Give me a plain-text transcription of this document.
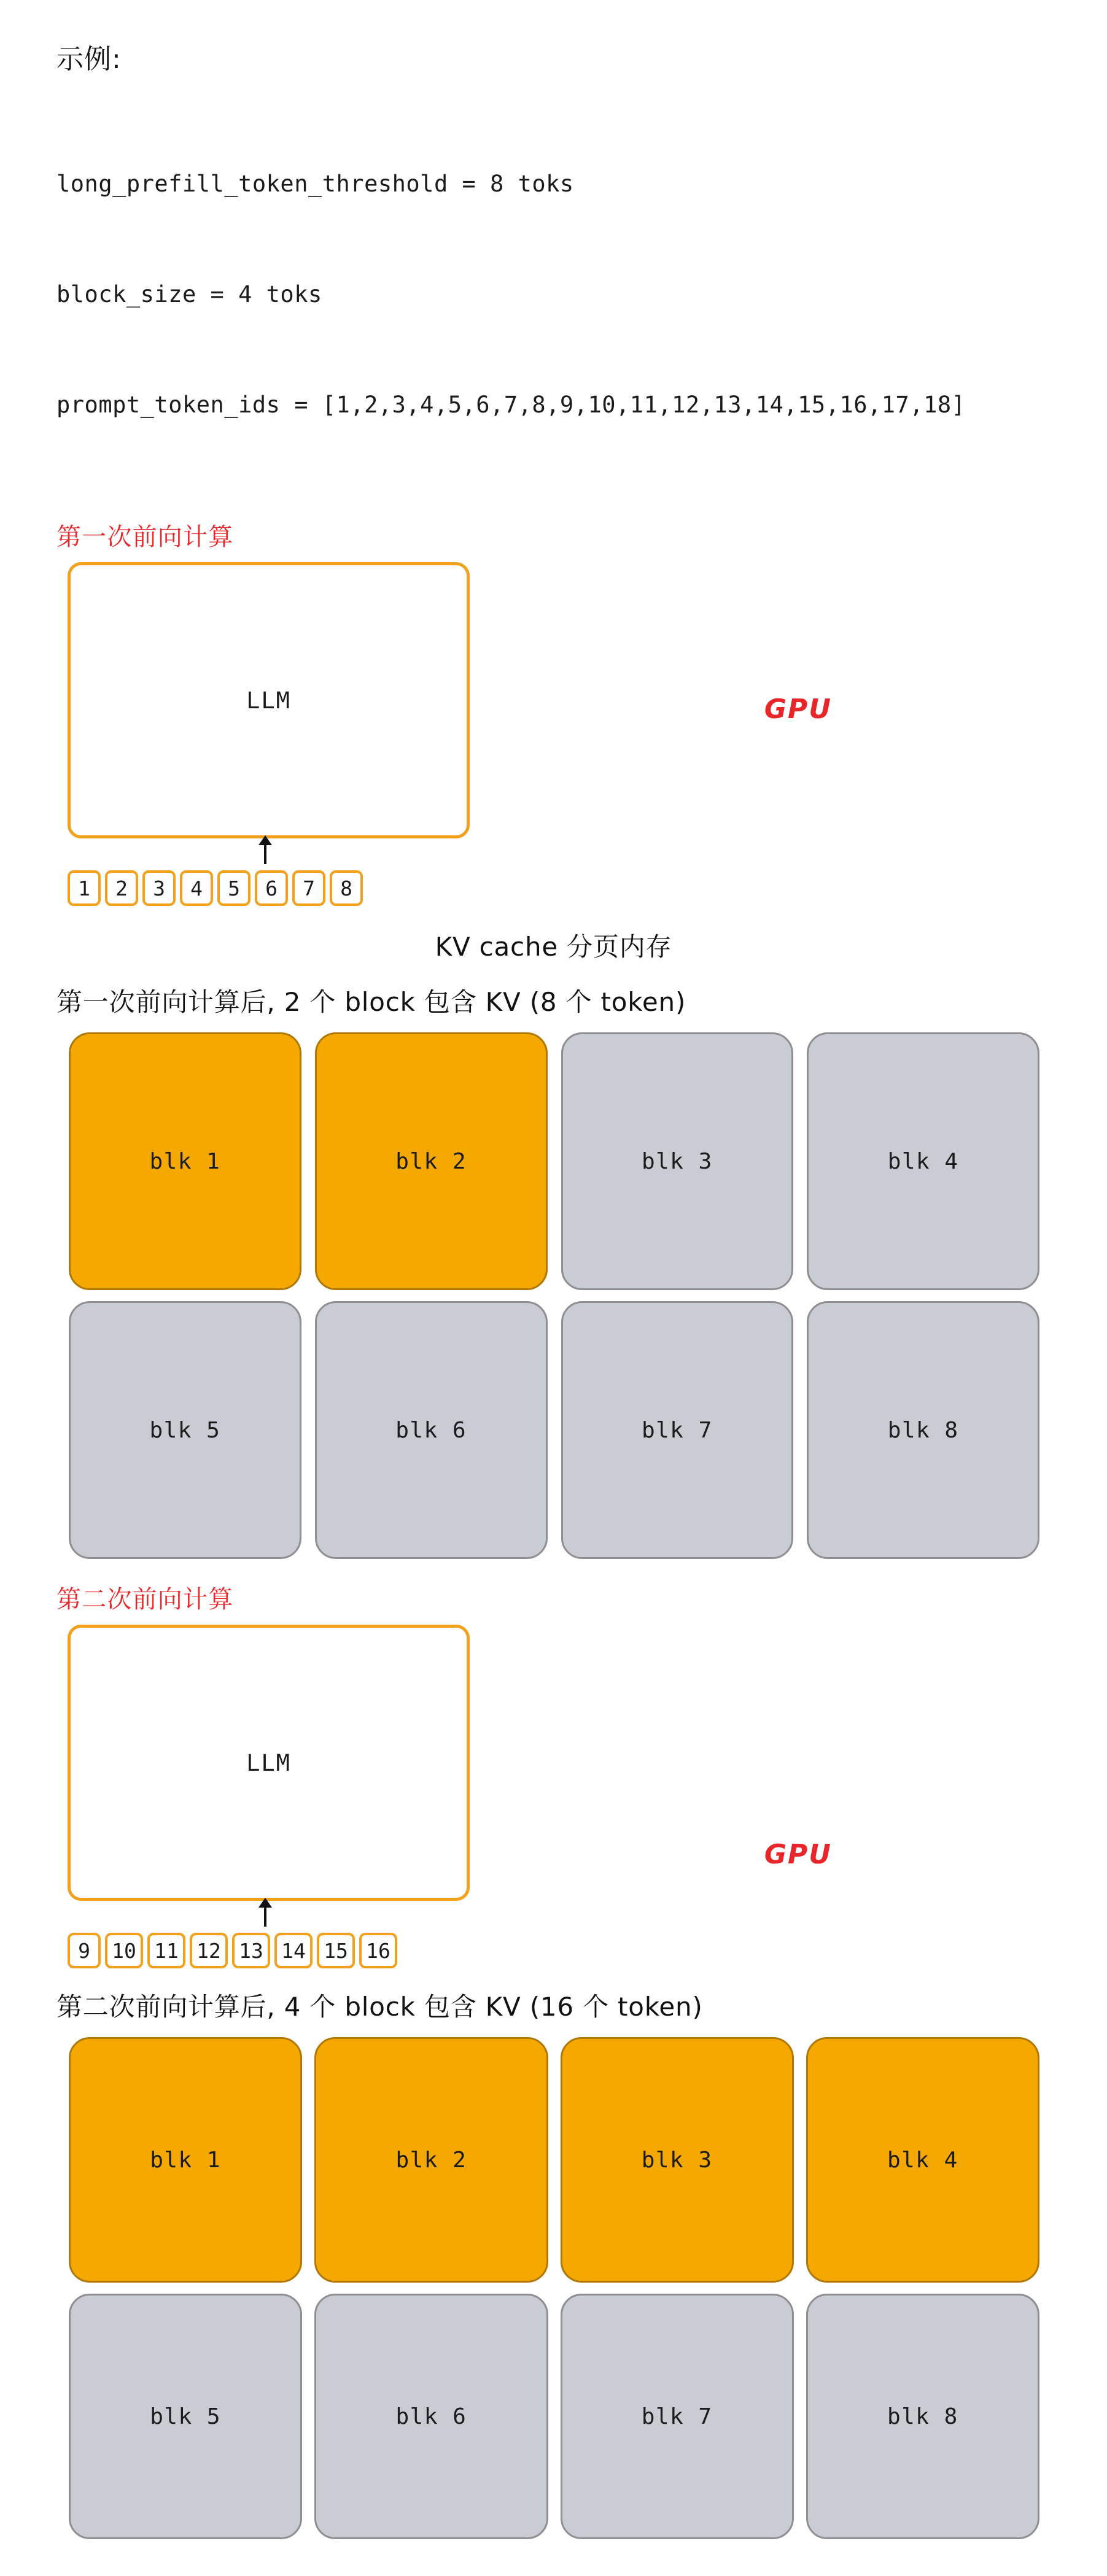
示例:

long_prefill_token_threshold = 8 toks

block_size = 4 toks

prompt_token_ids = [1,2,3,4,5,6,7,8,9,10,11,12,13,14,15,16,17,18]

第一次前向计算
LLM
1	2	3	4	5	6	7	8
GPU
KV cache 分页内存
第一次前向计算后, 2 个 block 包含 KV (8 个 token)
blk 1	blk 2	blk 3	blk 4
blk 5	blk 6	blk 7	blk 8
第二次前向计算
LLM
9	10 11 12 13 14 15 16
GPU
第二次前向计算后, 4 个 block 包含 KV (16 个 token)
blk 1	blk 2	blk 3	blk 4
blk 5	blk 6	blk 7	blk 8
